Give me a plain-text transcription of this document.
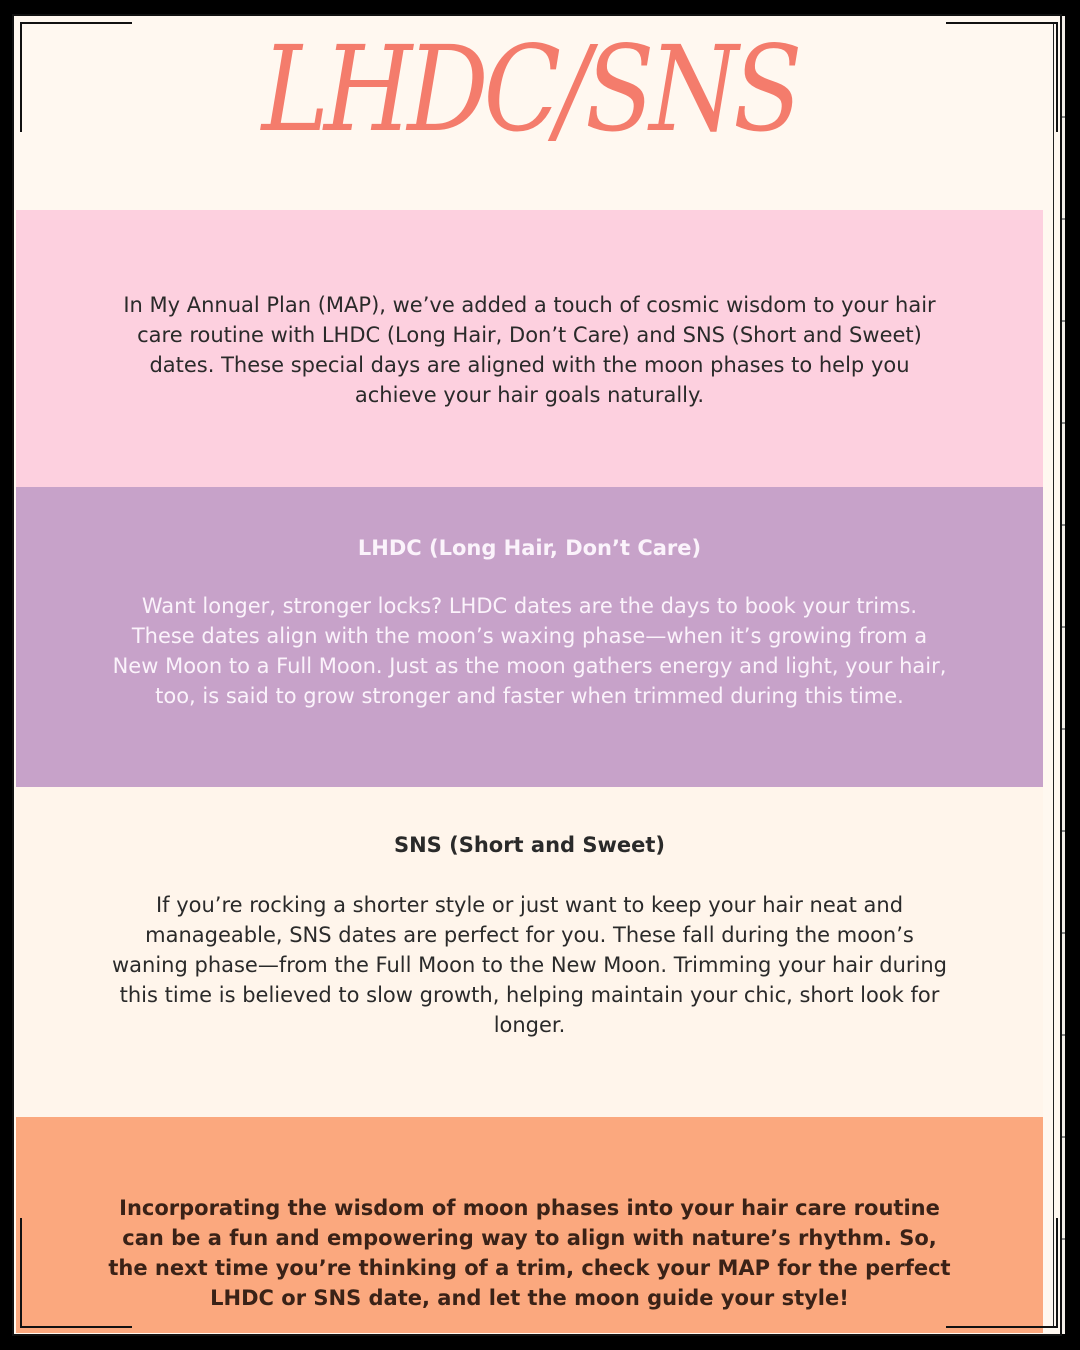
LHDC/SNS

In My Annual Plan (MAP), we’ve added a touch of cosmic wisdom to your hair care routine with LHDC (Long Hair, Don’t Care) and SNS (Short and Sweet) dates. These special days are aligned with the moon phases to help you achieve your hair goals naturally.

LHDC (Long Hair, Don’t Care)

Want longer, stronger locks? LHDC dates are the days to book your trims. These dates align with the moon’s waxing phase—when it’s growing from a New Moon to a Full Moon. Just as the moon gathers energy and light, your hair, too, is said to grow stronger and faster when trimmed during this time.

SNS (Short and Sweet)

If you’re rocking a shorter style or just want to keep your hair neat and manageable, SNS dates are perfect for you. These fall during the moon’s waning phase—from the Full Moon to the New Moon. Trimming your hair during this time is believed to slow growth, helping maintain your chic, short look for longer.

Incorporating the wisdom of moon phases into your hair care routine can be a fun and empowering way to align with nature’s rhythm. So, the next time you’re thinking of a trim, check your MAP for the perfect LHDC or SNS date, and let the moon guide your style!
